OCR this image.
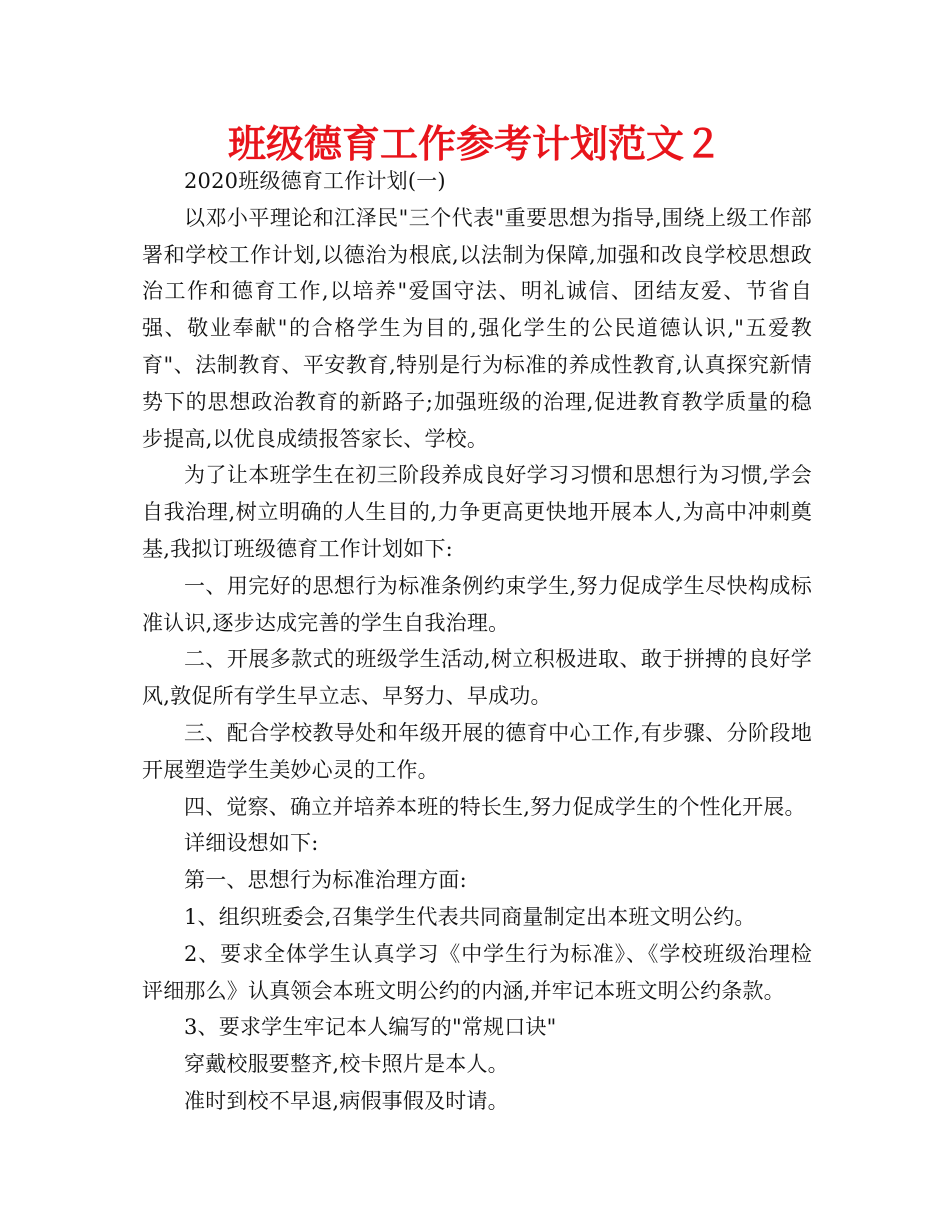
班级德育工作参考计划范文２

2020班级德育工作计划(一)

以邓小平理论和江泽民"三个代表"重要思想为指导,围绕上级工作部署和学校工作计划,以德治为根底,以法制为保障,加强和改良学校思想政治工作和德育工作,以培养"爱国守法、明礼诚信、团结友爱、节省自强、敬业奉献"的合格学生为目的,强化学生的公民道德认识,"五爱教育"、法制教育、平安教育,特别是行为标准的养成性教育,认真探究新情势下的思想政治教育的新路子;加强班级的治理,促进教育教学质量的稳步提高,以优良成绩报答家长、学校。

为了让本班学生在初三阶段养成良好学习习惯和思想行为习惯,学会自我治理,树立明确的人生目的,力争更高更快地开展本人,为高中冲刺奠基,我拟订班级德育工作计划如下:

一、用完好的思想行为标准条例约束学生,努力促成学生尽快构成标准认识,逐步达成完善的学生自我治理。

二、开展多款式的班级学生活动,树立积极进取、敢于拼搏的良好学风,敦促所有学生早立志、早努力、早成功。

三、配合学校教导处和年级开展的德育中心工作,有步骤、分阶段地开展塑造学生美妙心灵的工作。

四、觉察、确立并培养本班的特长生,努力促成学生的个性化开展。

详细设想如下:

第一、思想行为标准治理方面:

1、组织班委会,召集学生代表共同商量制定出本班文明公约。

2、要求全体学生认真学习《中学生行为标准》、《学校班级治理检评细那么》认真领会本班文明公约的内涵,并牢记本班文明公约条款。

3、要求学生牢记本人编写的"常规口诀"

穿戴校服要整齐,校卡照片是本人。

准时到校不早退,病假事假及时请。
